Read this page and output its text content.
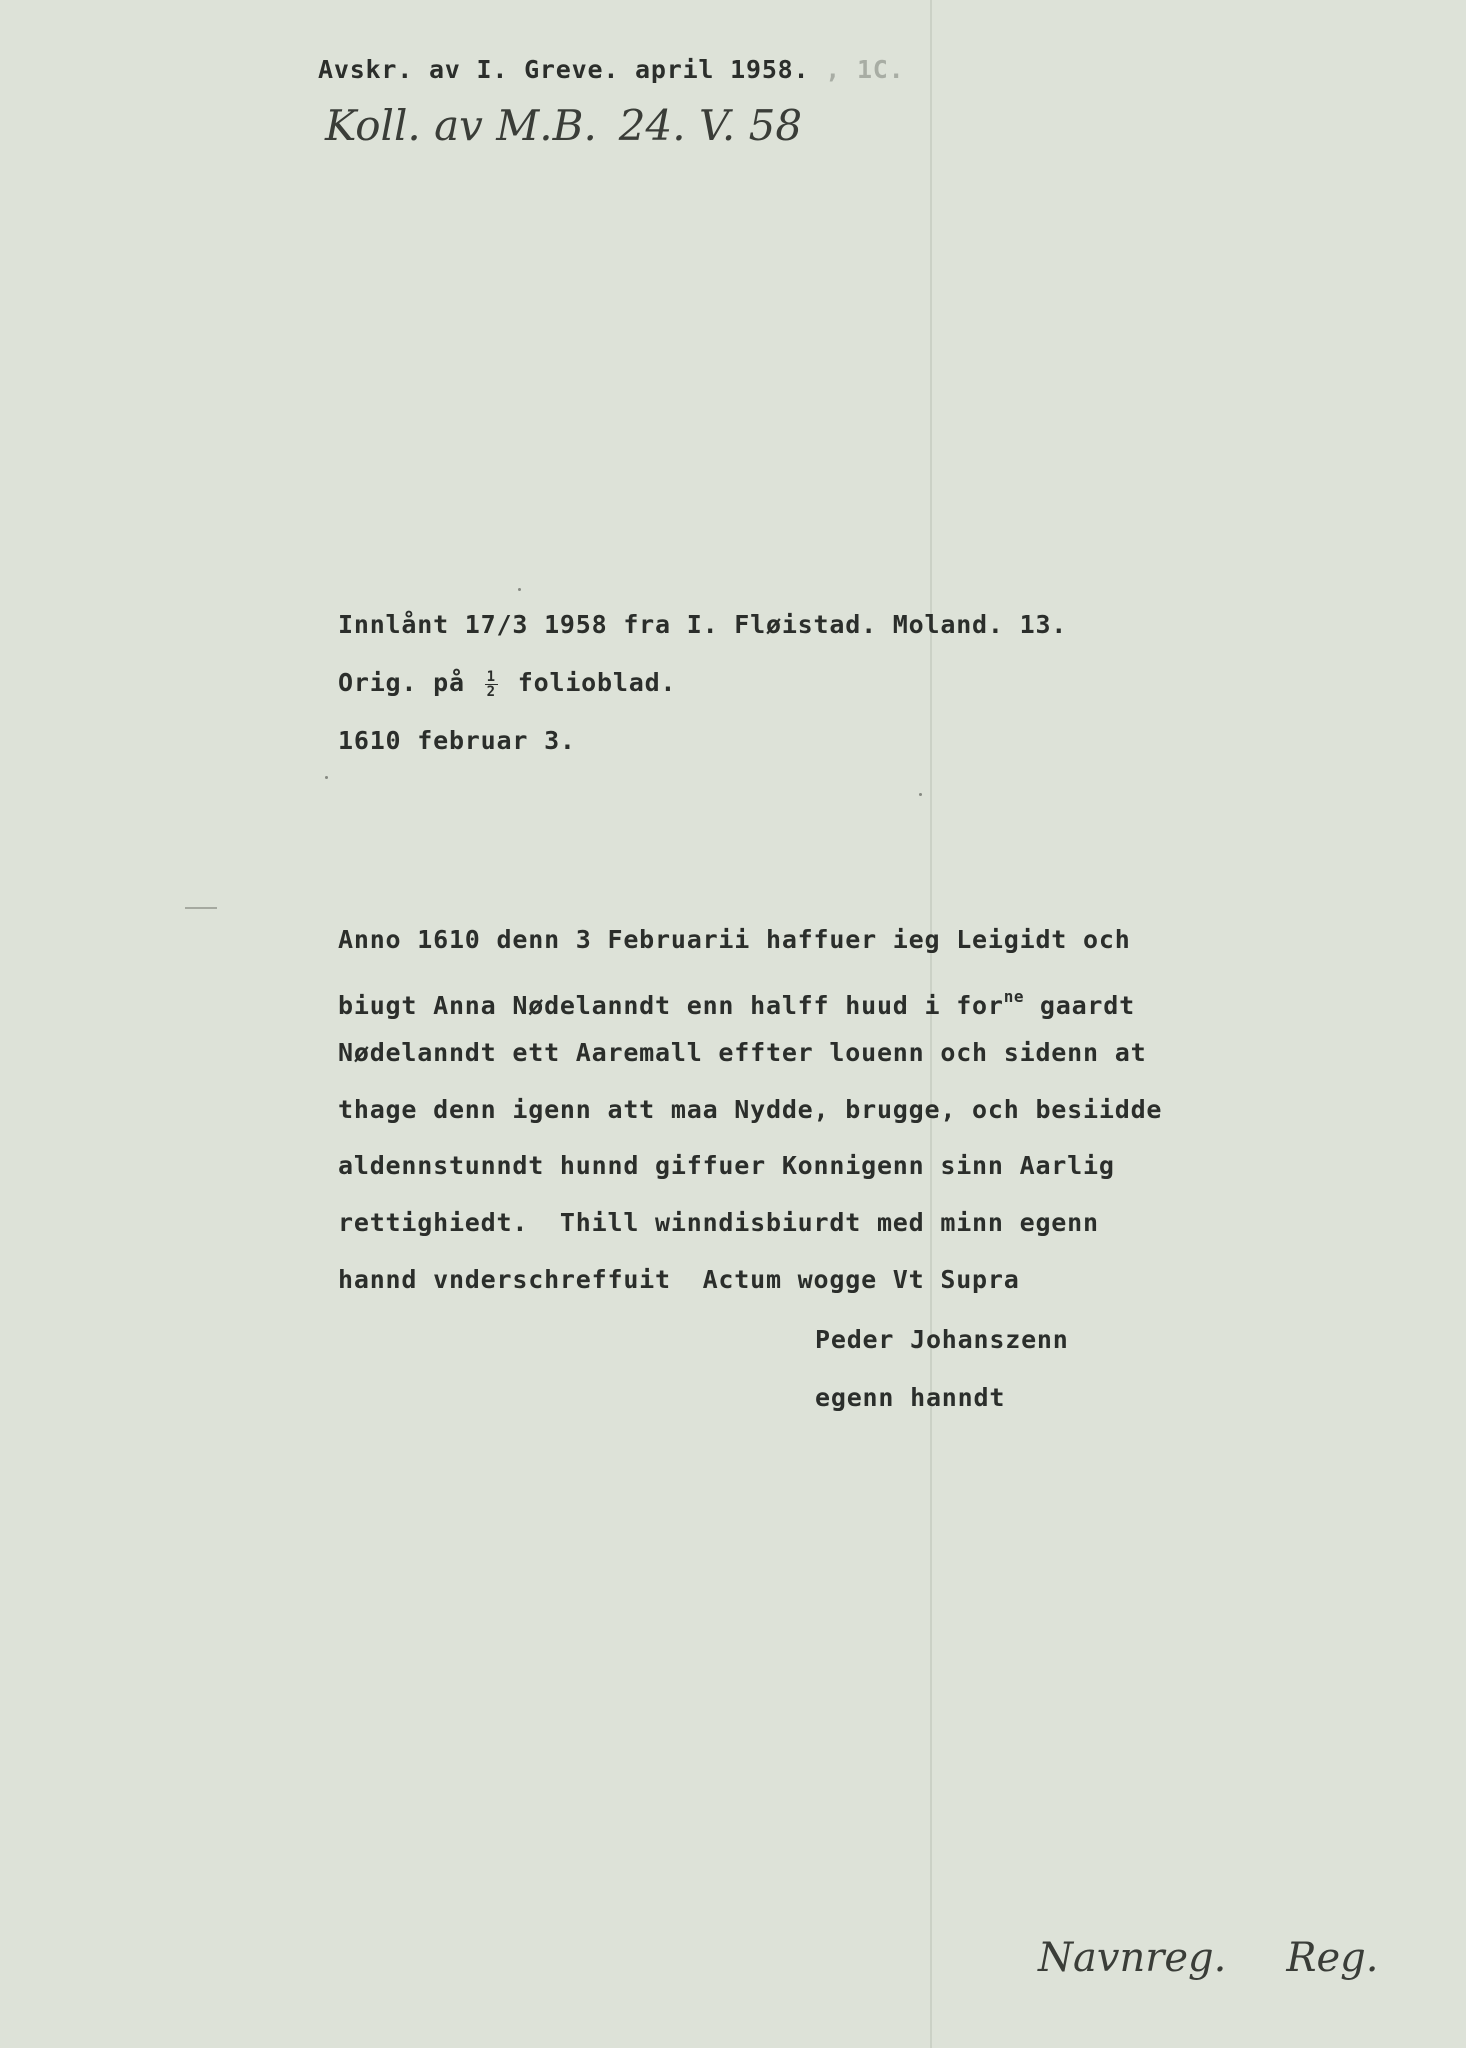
Avskr. av I. Greve. april 1958. , 1C.
Koll. av M.B. 24. V. 58
Innlånt 17/3 1958 fra I. Fløistad. Moland. 13.
Orig. på $\frac{1}{2}$ folioblad.
1610 februar 3.
Anno 1610 denn 3 Februarii haffuer ieg Leigidt och
biugt Anna Nødelanndt enn halff huud i for$^{ne}$ gaardt
Nødelanndt ett Aaremall effter louenn och sidenn at
thage denn igenn att maa Nydde, brugge, och besiidde
aldennstunndt hunnd giffuer Konnigenn sinn Aarlig
rettighiedt.  Thill winndisbiurdt med minn egenn
hannd vnderschreffuit  Actum wogge Vt Supra
Peder Johanszenn
egenn hanndt
Navnreg. Reg.
